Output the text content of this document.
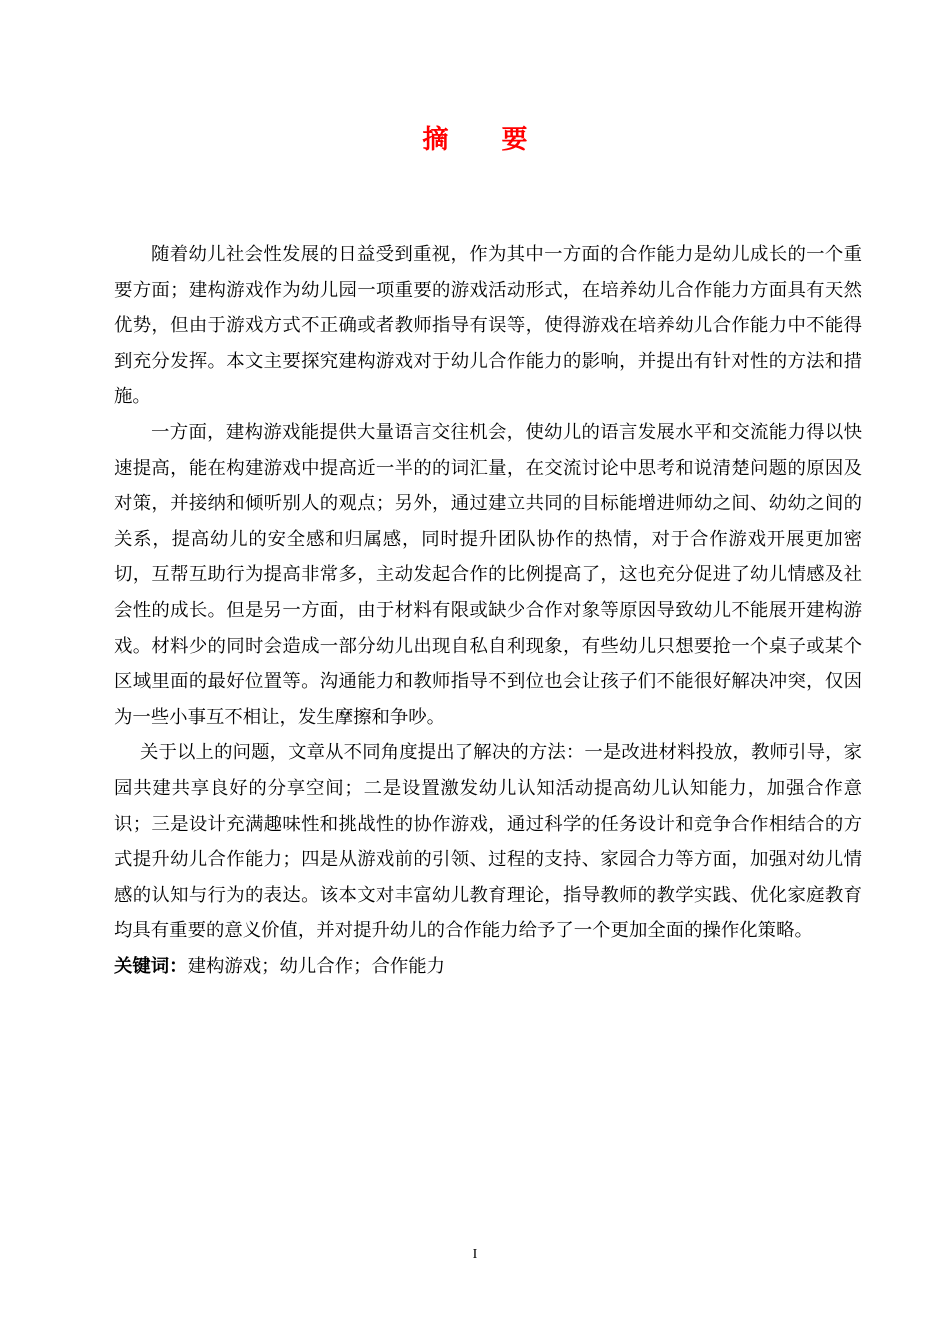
摘 要

随着幼儿社会性发展的日益受到重视，作为其中一方面的合作能力是幼儿成长的一个重要方面；建构游戏作为幼儿园一项重要的游戏活动形式，在培养幼儿合作能力方面具有天然优势，但由于游戏方式不正确或者教师指导有误等，使得游戏在培养幼儿合作能力中不能得到充分发挥。本文主要探究建构游戏对于幼儿合作能力的影响，并提出有针对性的方法和措施。

一方面，建构游戏能提供大量语言交往机会，使幼儿的语言发展水平和交流能力得以快速提高，能在构建游戏中提高近一半的的词汇量，在交流讨论中思考和说清楚问题的原因及对策，并接纳和倾听别人的观点；另外，通过建立共同的目标能增进师幼之间、幼幼之间的关系，提高幼儿的安全感和归属感，同时提升团队协作的热情，对于合作游戏开展更加密切，互帮互助行为提高非常多，主动发起合作的比例提高了，这也充分促进了幼儿情感及社会性的成长。但是另一方面，由于材料有限或缺少合作对象等原因导致幼儿不能展开建构游戏。材料少的同时会造成一部分幼儿出现自私自利现象，有些幼儿只想要抢一个桌子或某个区域里面的最好位置等。沟通能力和教师指导不到位也会让孩子们不能很好解决冲突，仅因为一些小事互不相让，发生摩擦和争吵。

关于以上的问题，文章从不同角度提出了解决的方法：一是改进材料投放，教师引导，家园共建共享良好的分享空间；二是设置激发幼儿认知活动提高幼儿认知能力，加强合作意识；三是设计充满趣味性和挑战性的协作游戏，通过科学的任务设计和竞争合作相结合的方式提升幼儿合作能力；四是从游戏前的引领、过程的支持、家园合力等方面，加强对幼儿情感的认知与行为的表达。该本文对丰富幼儿教育理论，指导教师的教学实践、优化家庭教育均具有重要的意义价值，并对提升幼儿的合作能力给予了一个更加全面的操作化策略。

关键词：建构游戏；幼儿合作；合作能力

I
